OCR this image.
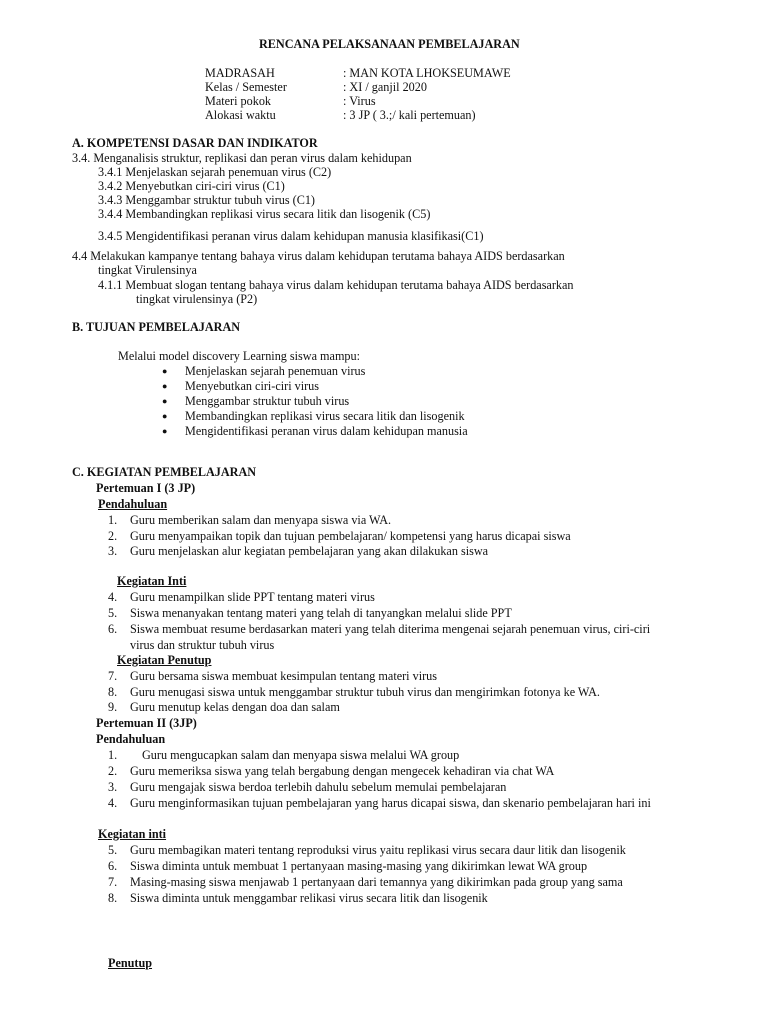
RENCANA PELAKSANAAN PEMBELAJARAN
MADRASAH	: MAN KOTA LHOKSEUMAWE
Kelas / Semester	: XI / ganjil 2020
Materi pokok	: Virus
Alokasi waktu	: 3 JP ( 3.;/ kali pertemuan)
A. KOMPETENSI DASAR DAN INDIKATOR
3.4. Menganalisis struktur, replikasi dan peran virus dalam kehidupan
3.4.1 Menjelaskan sejarah penemuan virus (C2)
3.4.2 Menyebutkan ciri-ciri virus (C1)
3.4.3 Menggambar struktur tubuh virus (C1)
3.4.4 Membandingkan replikasi virus secara litik dan lisogenik (C5)
3.4.5 Mengidentifikasi peranan virus dalam kehidupan manusia klasifikasi(C1)
4.4 Melakukan kampanye tentang bahaya virus dalam kehidupan terutama bahaya AIDS berdasarkan
tingkat Virulensinya
4.1.1 Membuat slogan tentang bahaya virus dalam kehidupan terutama bahaya AIDS berdasarkan
tingkat virulensinya (P2)
B. TUJUAN PEMBELAJARAN
Melalui model discovery Learning siswa mampu:
● Menjelaskan sejarah penemuan virus
● Menyebutkan ciri-ciri virus
● Menggambar struktur tubuh virus
● Membandingkan replikasi virus secara litik dan lisogenik
● Mengidentifikasi peranan virus dalam kehidupan manusia
C. KEGIATAN PEMBELAJARAN
Pertemuan I (3 JP)
Pendahuluan
1. Guru memberikan salam dan menyapa siswa via WA.
2. Guru menyampaikan topik dan tujuan pembelajaran/ kompetensi yang harus dicapai siswa
3. Guru menjelaskan alur kegiatan pembelajaran yang akan dilakukan siswa
Kegiatan Inti
4. Guru menampilkan slide PPT tentang materi virus
5. Siswa menanyakan tentang materi yang telah di tanyangkan melalui slide PPT
6. Siswa membuat resume berdasarkan materi yang telah diterima mengenai sejarah penemuan virus, ciri-ciri
virus dan struktur tubuh virus
Kegiatan Penutup
7. Guru bersama siswa membuat kesimpulan tentang materi virus
8. Guru menugasi siswa untuk menggambar struktur tubuh virus dan mengirimkan fotonya ke WA.
9. Guru menutup kelas dengan doa dan salam
Pertemuan II (3JP)
Pendahuluan
1. Guru mengucapkan salam dan menyapa siswa melalui WA group
2. Guru memeriksa siswa yang telah bergabung dengan mengecek kehadiran via chat WA
3. Guru mengajak siswa berdoa terlebih dahulu sebelum memulai pembelajaran
4. Guru menginformasikan tujuan pembelajaran yang harus dicapai siswa, dan skenario pembelajaran hari ini
Kegiatan inti
5. Guru membagikan materi tentang reproduksi virus yaitu replikasi virus secara daur litik dan lisogenik
6. Siswa diminta untuk membuat 1 pertanyaan masing-masing yang dikirimkan lewat WA group
7. Masing-masing siswa menjawab 1 pertanyaan dari temannya yang dikirimkan pada group yang sama
8. Siswa diminta untuk menggambar relikasi virus secara litik dan lisogenik
Penutup
